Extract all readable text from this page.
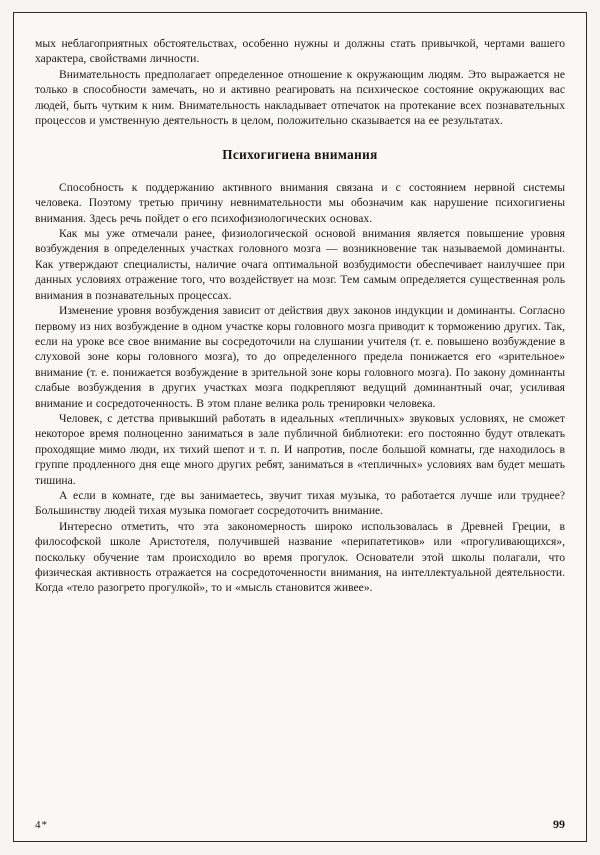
мых неблагоприятных обстоятельствах, особенно нужны и должны стать привычкой, чертами вашего характера, свойствами личности.

Внимательность предполагает определенное отношение к окружающим людям. Это выражается не только в способности замечать, но и активно реагировать на психическое состояние окружающих вас людей, быть чутким к ним. Внимательность накладывает отпечаток на протекание всех познавательных процессов и умственную деятельность в целом, положительно сказывается на ее результатах.

Психогигиена внимания

Способность к поддержанию активного внимания связана и с состоянием нервной системы человека. Поэтому третью причину невнимательности мы обозначим как нарушение психогигиены внимания. Здесь речь пойдет о его психофизиологических основах.

Как мы уже отмечали ранее, физиологической основой внимания является повышение уровня возбуждения в определенных участках головного мозга — возникновение так называемой доминанты. Как утверждают специалисты, наличие очага оптимальной возбудимости обеспечивает наилучшее при данных условиях отражение того, что воздействует на мозг. Тем самым определяется существенная роль внимания в познавательных процессах.

Изменение уровня возбуждения зависит от действия двух законов индукции и доминанты. Согласно первому из них возбуждение в одном участке коры головного мозга приводит к торможению других. Так, если на уроке все свое внимание вы сосредоточили на слушании учителя (т. е. повышено возбуждение в слуховой зоне коры головного мозга), то до определенного предела понижается его «зрительное» внимание (т. е. понижается возбуждение в зрительной зоне коры головного мозга). По закону доминанты слабые возбуждения в других участках мозга подкрепляют ведущий доминантный очаг, усиливая внимание и сосредоточенность. В этом плане велика роль тренировки человека.

Человек, с детства привыкший работать в идеальных «тепличных» звуковых условиях, не сможет некоторое время полноценно заниматься в зале публичной библиотеки: его постоянно будут отвлекать проходящие мимо люди, их тихий шепот и т. п. И напротив, после большой комнаты, где находилось в группе продленного дня еще много других ребят, заниматься в «тепличных» условиях вам будет мешать тишина.

А если в комнате, где вы занимаетесь, звучит тихая музыка, то работается лучше или труднее? Большинству людей тихая музыка помогает сосредоточить внимание.

Интересно отметить, что эта закономерность широко использовалась в Древней Греции, в философской школе Аристотеля, получившей название «перипатетиков» или «прогуливающихся», поскольку обучение там происходило во время прогулок. Основатели этой школы полагали, что физическая активность отражается на сосредоточенности внимания, на интеллектуальной деятельности. Когда «тело разогрето прогулкой», то и «мысль становится живее».

4*	99
